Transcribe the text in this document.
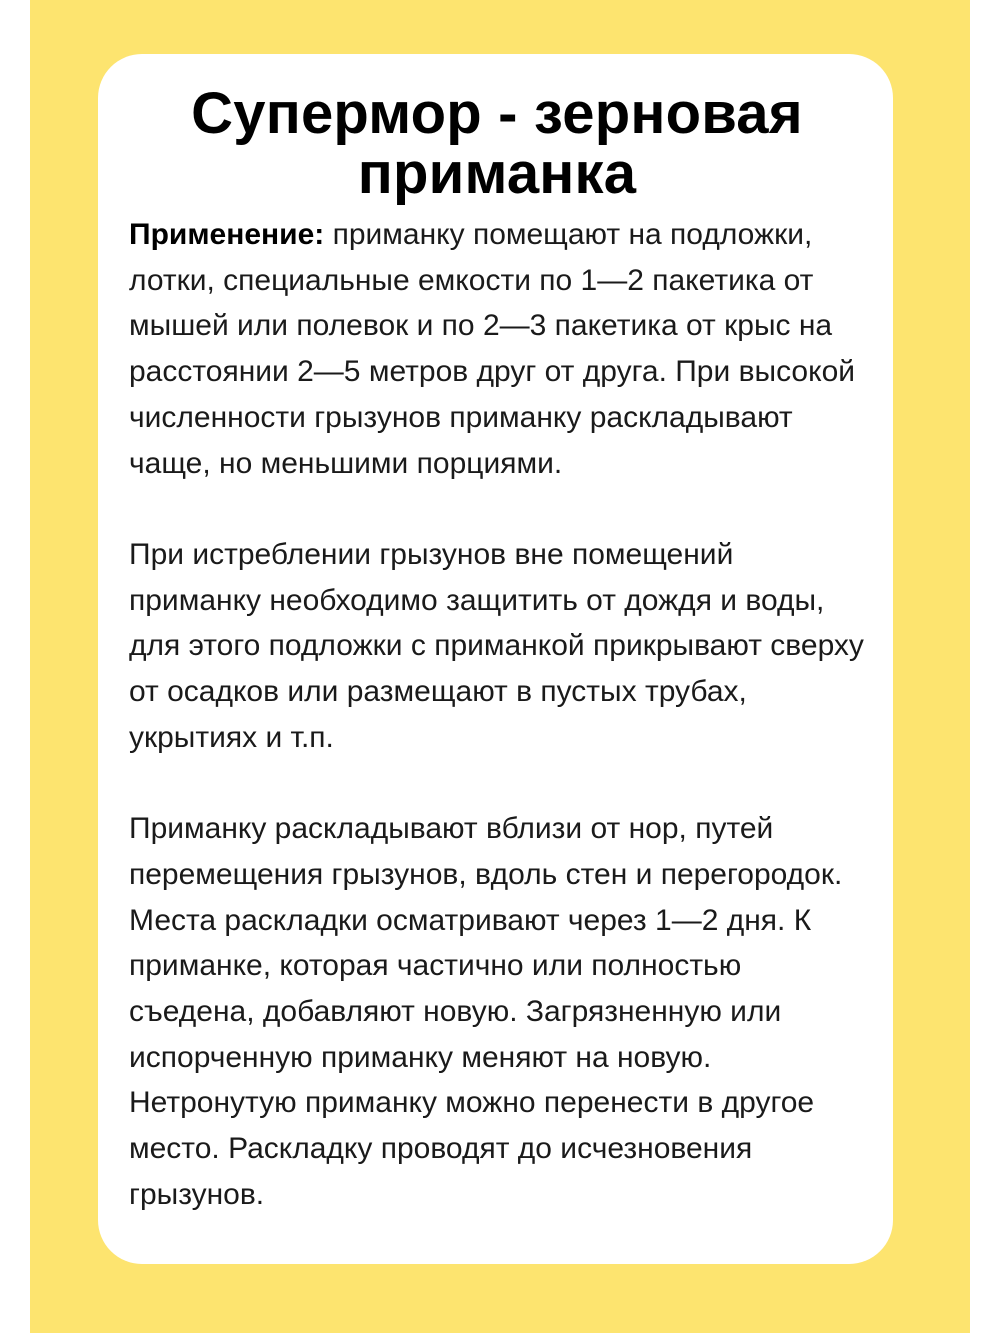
Супермор - зерновая
приманка

Применение: приманку помещают на подложки, лотки, специальные емкости по 1—2 пакетика от мышей или полевок и по 2—3 пакетика от крыс на расстоянии 2—5 метров друг от друга. При высокой численности грызунов приманку раскладывают чаще, но меньшими порциями.

При истреблении грызунов вне помещений приманку необходимо защитить от дождя и воды, для этого подложки с приманкой прикрывают сверху от осадков или размещают в пустых трубах, укрытиях и т.п.

Приманку раскладывают вблизи от нор, путей перемещения грызунов, вдоль стен и перегородок. Места раскладки осматривают через 1—2 дня. К приманке, которая частично или полностью съедена, добавляют новую. Загрязненную или испорченную приманку меняют на новую. Нетронутую приманку можно перенести в другое место. Раскладку проводят до исчезновения грызунов.
